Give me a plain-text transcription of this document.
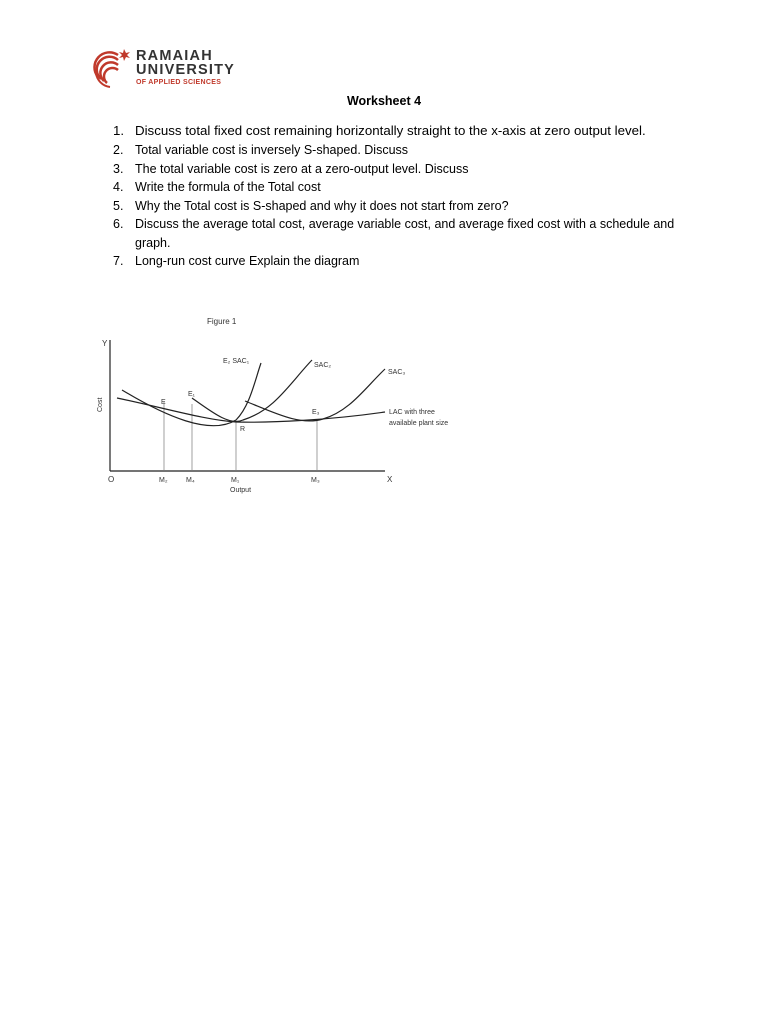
RAMAIAH
UNIVERSITY
OF APPLIED SCIENCES
Worksheet 4
1. Discuss total fixed cost remaining horizontally straight to the x-axis at zero output level.
2. Total variable cost is inversely S-shaped. Discuss
3. The total variable cost is zero at a zero-output level. Discuss
4. Write the formula of the Total cost
5. Why the Total cost is S-shaped and why it does not start from zero?
6. Discuss the average total cost, average variable cost, and average fixed cost with a schedule and graph.
7. Long-run cost curve Explain the diagram
Figure 1
Y
X
O
Cost
Output
E₂ SAC₁
SAC₂
SAC₃
LAC with three
available plant size
E
E₁
R
E₃
M₂	M₄	M₁	M₃
